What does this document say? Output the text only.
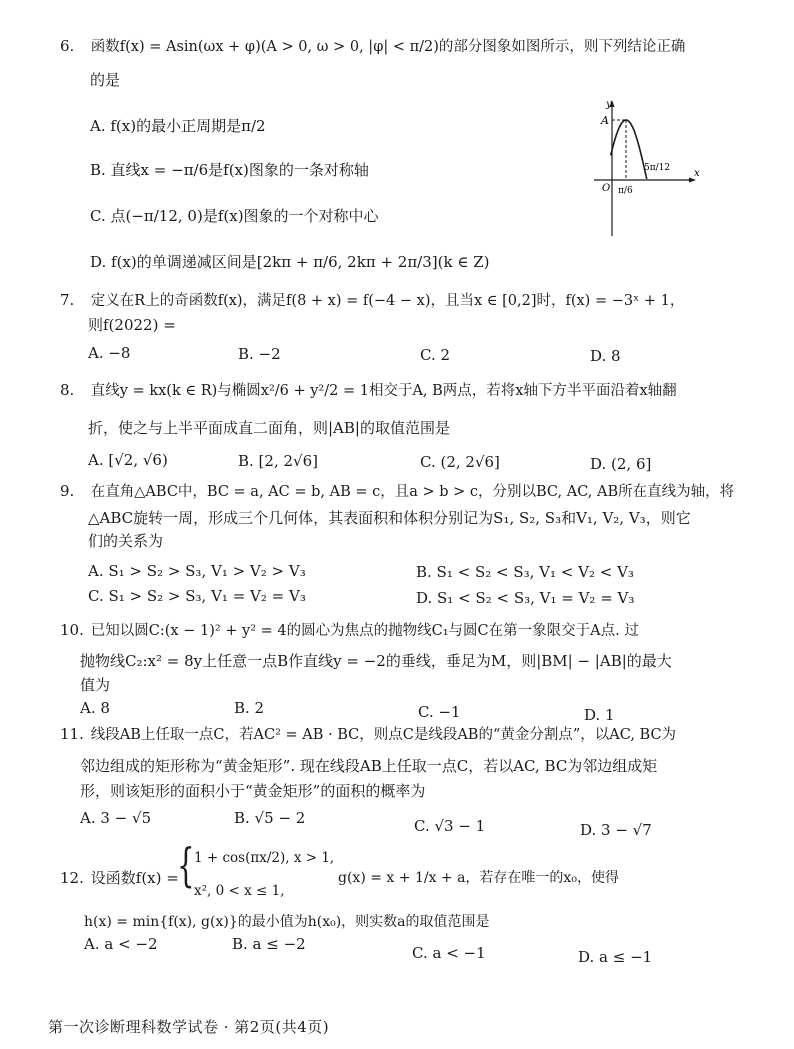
6. 函数f(x) = Asin(ωx + φ)(A > 0, ω > 0, |φ| < π/2)的部分图象如图所示，则下列结论正确
的是
A. f(x)的最小正周期是π/2
B. 直线x = −π/6是f(x)图象的一条对称轴
C. 点(−π/12, 0)是f(x)图象的一个对称中心
D. f(x)的单调递减区间是[2kπ + π/6, 2kπ + 2π/3](k ∈ Z)
y
x
A
O π/6
5π/12
7. 定义在R上的奇函数f(x)，满足f(8 + x) = f(−4 − x)，且当x ∈ [0,2]时，f(x) = −3ˣ + 1，
则f(2022) =
A. −8	B. −2	C. 2	D. 8
8. 直线y = kx(k ∈ R)与椭圆x²/6 + y²/2 = 1相交于A, B两点，若将x轴下方半平面沿着x轴翻
折，使之与上半平面成直二面角，则|AB|的取值范围是
A. [√2, √6)	B. [2, 2√6]	C. (2, 2√6]	D. (2, 6]
9. 在直角△ABC中，BC = a, AC = b, AB = c，且a > b > c，分别以BC, AC, AB所在直线为轴，将
△ABC旋转一周，形成三个几何体，其表面积和体积分别记为S₁, S₂, S₃和V₁, V₂, V₃，则它
们的关系为
A. S₁ > S₂ > S₃, V₁ > V₂ > V₃	B. S₁ < S₂ < S₃, V₁ < V₂ < V₃
C. S₁ > S₂ > S₃, V₁ = V₂ = V₃	D. S₁ < S₂ < S₃, V₁ = V₂ = V₃
10. 已知以圆C:(x − 1)² + y² = 4的圆心为焦点的抛物线C₁与圆C在第一象限交于A点. 过
抛物线C₂:x² = 8y上任意一点B作直线y = −2的垂线，垂足为M，则|BM| − |AB|的最大
值为
A. 8	B. 2	C. −1	D. 1
11. 线段AB上任取一点C，若AC² = AB · BC，则点C是线段AB的“黄金分割点”，以AC, BC为
邻边组成的矩形称为“黄金矩形”. 现在线段AB上任取一点C，若以AC, BC为邻边组成矩
形，则该矩形的面积小于“黄金矩形”的面积的概率为
A. 3 − √5	B. √5 − 2	C. √3 − 1	D. 3 − √7
12. 设函数f(x) =
{ 1 + cos(πx/2), x > 1,
x², 0 < x ≤ 1,
g(x) = x + 1/x + a，若存在唯一的x₀，使得
h(x) = min{f(x), g(x)}的最小值为h(x₀)，则实数a的取值范围是
A. a < −2	B. a ≤ −2	C. a < −1	D. a ≤ −1
第一次诊断理科数学试卷 · 第2页(共4页)
